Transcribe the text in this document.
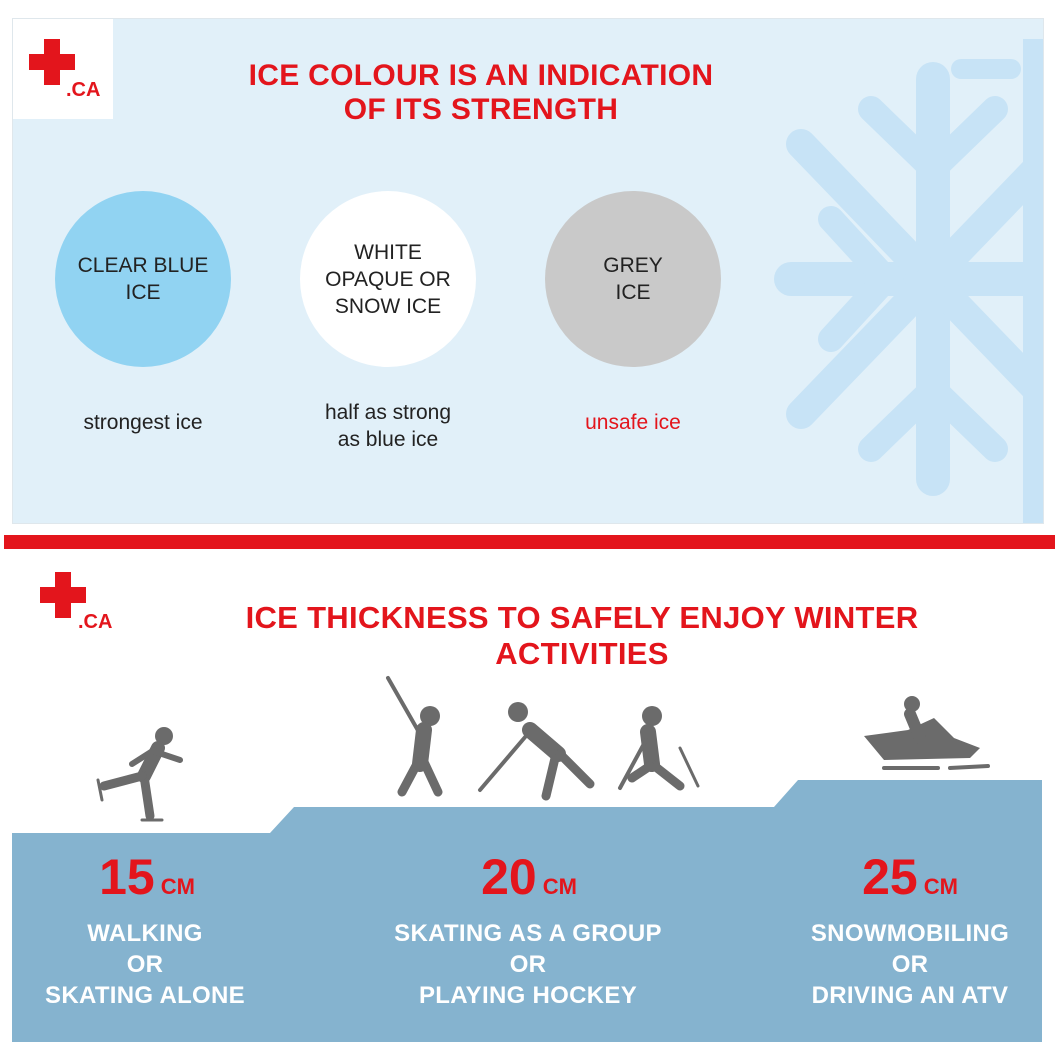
.CA	ICE COLOUR IS AN INDICATION
OF ITS STRENGTH
CLEAR BLUE
ICE
WHITE
OPAQUE OR
SNOW ICE
GREY
ICE
strongest ice	half as strong
as blue ice
unsafe ice
.CA	ICE THICKNESS TO SAFELY ENJOY WINTER ACTIVITIES
15 CM	20 CM	25 CM
WALKING
OR
SKATING ALONE
SKATING AS A GROUP
OR
PLAYING HOCKEY
SNOWMOBILING
OR
DRIVING AN ATV
